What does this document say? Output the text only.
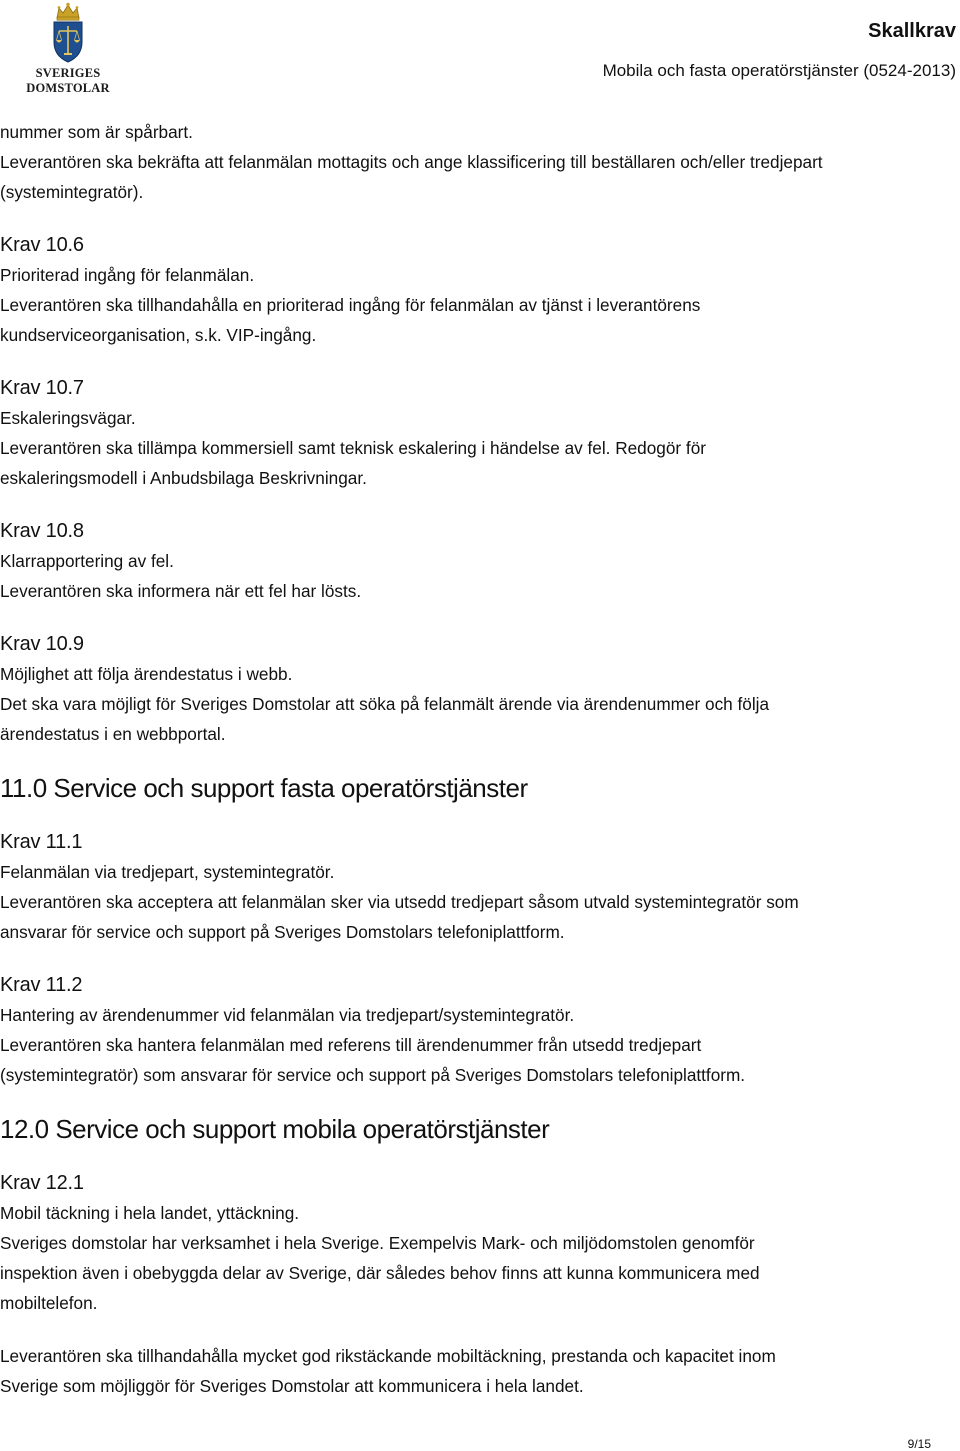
SVERIGES DOMSTOLAR
Skallkrav
Mobila och fasta operatörstjänster (0524-2013)

nummer som är spårbart.

Leverantören ska bekräfta att felanmälan mottagits och ange klassificering till beställaren och/eller tredjepart

(systemintegratör).

Krav 10.6

Prioriterad ingång för felanmälan.

Leverantören ska tillhandahålla en prioriterad ingång för felanmälan av tjänst i leverantörens

kundserviceorganisation, s.k. VIP-ingång.

Krav 10.7

Eskaleringsvägar.

Leverantören ska tillämpa kommersiell samt teknisk eskalering i händelse av fel. Redogör för

eskaleringsmodell i Anbudsbilaga Beskrivningar.

Krav 10.8

Klarrapportering av fel.

Leverantören ska informera när ett fel har lösts.

Krav 10.9

Möjlighet att följa ärendestatus i webb.

Det ska vara möjligt för Sveriges Domstolar att söka på felanmält ärende via ärendenummer och följa

ärendestatus i en webbportal.

11.0 Service och support fasta operatörstjänster
Krav 11.1

Felanmälan via tredjepart, systemintegratör.

Leverantören ska acceptera att felanmälan sker via utsedd tredjepart såsom utvald systemintegratör som

ansvarar för service och support på Sveriges Domstolars telefoniplattform.

Krav 11.2

Hantering av ärendenummer vid felanmälan via tredjepart/systemintegratör.

Leverantören ska hantera felanmälan med referens till ärendenummer från utsedd tredjepart

(systemintegratör) som ansvarar för service och support på Sveriges Domstolars telefoniplattform.

12.0 Service och support mobila operatörstjänster
Krav 12.1

Mobil täckning i hela landet, yttäckning.

Sveriges domstolar har verksamhet i hela Sverige. Exempelvis Mark- och miljödomstolen genomför

inspektion även i obebyggda delar av Sverige, där således behov finns att kunna kommunicera med

mobiltelefon.

Leverantören ska tillhandahålla mycket god rikstäckande mobiltäckning, prestanda och kapacitet inom

Sverige som möjliggör för Sveriges Domstolar att kommunicera i hela landet.

9/15
